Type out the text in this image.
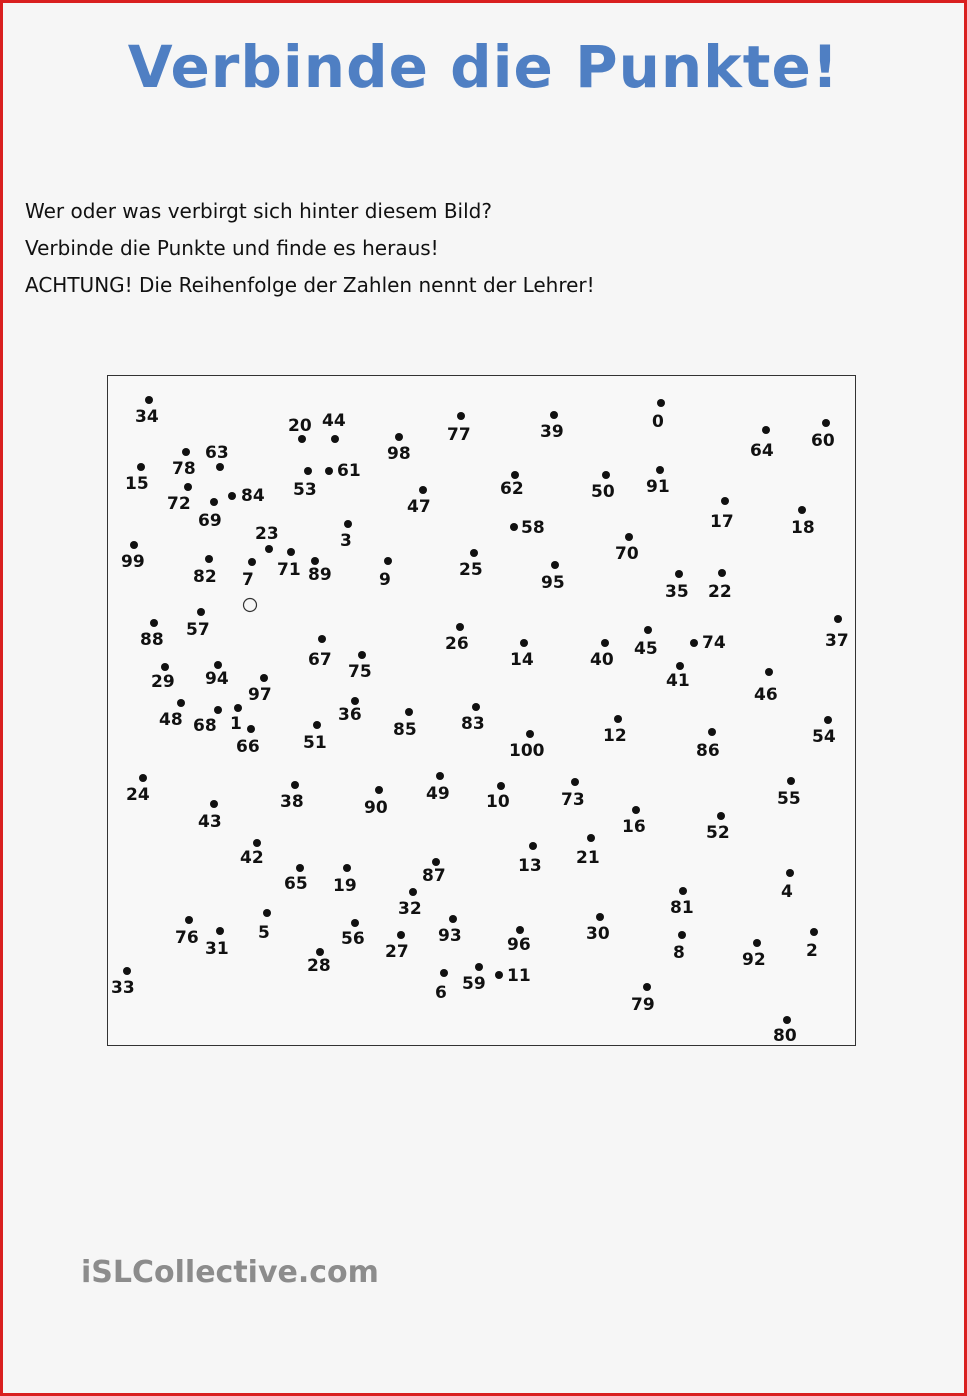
Verbinde die Punkte!
Wer oder was verbirgt sich hinter diesem Bild?
Verbinde die Punkte und finde es heraus!
ACHTUNG! Die Reihenfolge der Zahlen nennt der Lehrer!
34	20 44
98
77	39	0
64 60
63
78
15	53
61
72	84
69
47
62	50 91
17	18
23	3
58
99
82 7 71 89	9	25
70
95	35 22
57
88
67
75
26
14	40
45	74	37
29 94
97
41
46
48 68 1
66	51
36
85	83
100
12
86
54
24	38	90
49 10	73	55
43	16	52
42	13 21
65 19	87
4
32	81
76
31
5	56
27
93	96
30
8	92 2
28
33	6 59 11
79
80
iSLCollective.com
